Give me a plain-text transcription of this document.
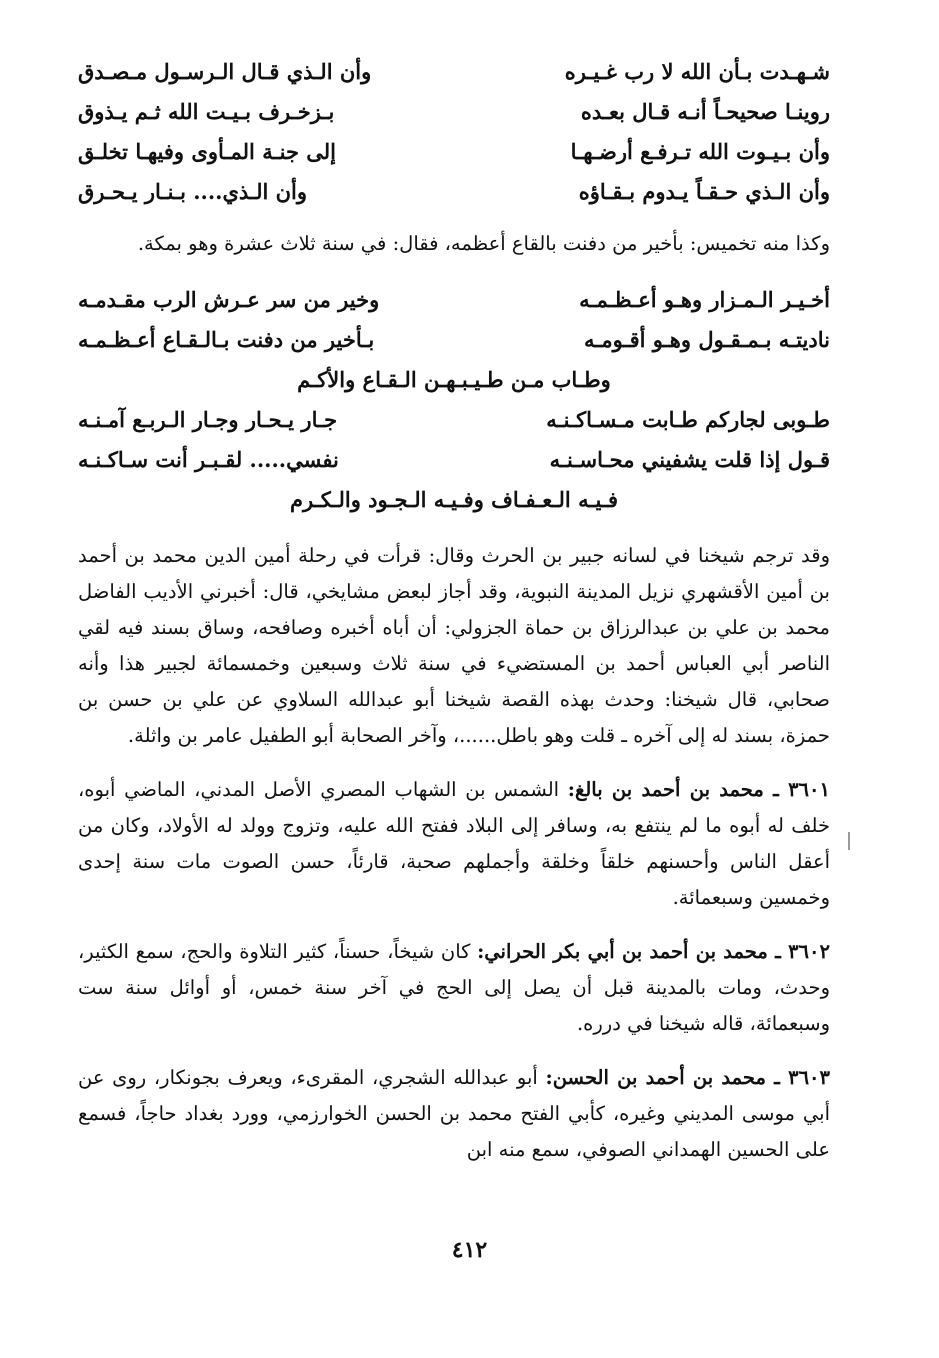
شـهـدت بـأن الله لا رب غـيـره
وأن الـذي قـال الـرسـول مـصـدق
روينـا صحيحـاً أنـه قـال بعـده
بـزخـرف بـيـت الله ثـم يـذوق
وأن بـيـوت الله تـرفـع أرضـهـا
إلى جنـة المـأوى وفيهـا تخلـق
وأن الـذي حـقـاً يـدوم بـقـاؤه
وأن الـذي.... بـنـار يـحـرق

وكذا منه تخميس: بأخير من دفنت بالقاع أعظمه، فقال: في سنة ثلاث عشرة وهو بمكة.

أخـيـر الـمـزار وهـو أعـظـمـه
وخير من سر عـرش الرب مقـدمـه
ناديتـه بـمـقـول وهـو أقـومـه
بـأخير من دفنت بـالـقـاع أعـظـمـه
وطـاب مـن طـيـبـهـن الـقـاع والأكـم
طـوبى لجاركم طـابت مـسـاكـنـه
جـار يـحـار وجـار الـربـع آمـنـه
قـول إذا قلت يشفيني محـاسـنـه
نفسي..... لقـبـر أنت سـاكـنـه
فـيـه الـعـفـاف وفـيـه الـجـود والـكـرم

وقد ترجم شيخنا في لسانه جبير بن الحرث وقال: قرأت في رحلة أمين الدين محمد بن أحمد بن أمين الأقشهري نزيل المدينة النبوية، وقد أجاز لبعض مشايخي، قال: أخبرني الأديب الفاضل محمد بن علي بن عبدالرزاق بن حماة الجزولي: أن أباه أخبره وصافحه، وساق بسند فيه لقي الناصر أبي العباس أحمد بن المستضيء في سنة ثلاث وسبعين وخمسمائة لجبير هذا وأنه صحابي، قال شيخنا: وحدث بهذه القصة شيخنا أبو عبدالله السلاوي عن علي بن حسن بن حمزة، بسند له إلى آخره ـ قلت وهو باطل......، وآخر الصحابة أبو الطفيل عامر بن واثلة.

٣٦٠١ ـ محمد بن أحمد بن بالغ: الشمس بن الشهاب المصري الأصل المدني، الماضي أبوه، خلف له أبوه ما لم ينتفع به، وسافر إلى البلاد ففتح الله عليه، وتزوج وولد له الأولاد، وكان من أعقل الناس وأحسنهم خلقاً وخلقة وأجملهم صحبة، قارئاً، حسن الصوت مات سنة إحدى وخمسين وسبعمائة.

٣٦٠٢ ـ محمد بن أحمد بن أبي بكر الحراني: كان شيخاً، حسناً، كثير التلاوة والحج، سمع الكثير، وحدث، ومات بالمدينة قبل أن يصل إلى الحج في آخر سنة خمس، أو أوائل سنة ست وسبعمائة، قاله شيخنا في درره.

٣٦٠٣ ـ محمد بن أحمد بن الحسن: أبو عبدالله الشجري، المقرىء، ويعرف بجونكار، روى عن أبي موسى المديني وغيره، كأبي الفتح محمد بن الحسن الخوارزمي، وورد بغداد حاجاً، فسمع على الحسين الهمداني الصوفي، سمع منه ابن

٤١٢
